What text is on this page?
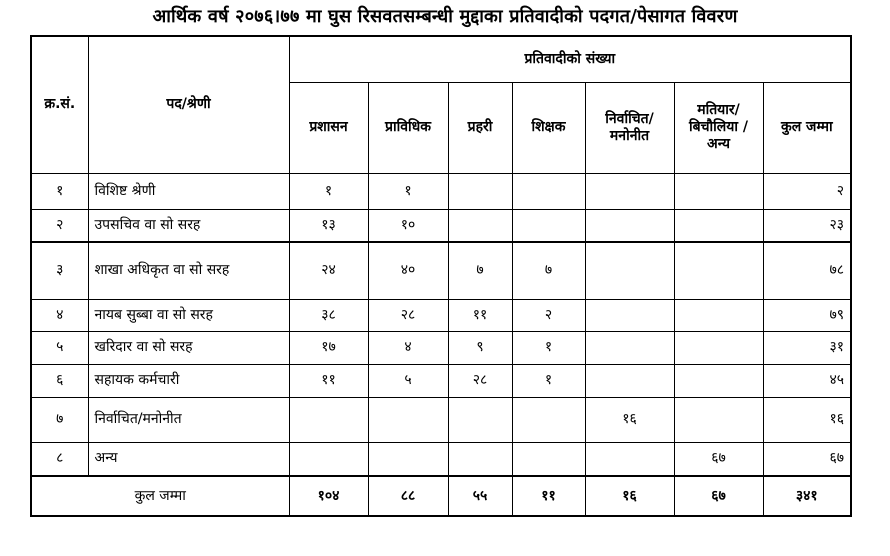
आर्थिक वर्ष २०७६।७७ मा घुस रिसवतसम्बन्धी मुद्दाका प्रतिवादीको पदगत/पेसागत विवरण
क्र.सं.	पद/श्रेणी	प्रतिवादीको संख्या						
		प्रशासन	प्राविधिक	प्रहरी	शिक्षक	निर्वाचित/ मनोनीत	मतियार/ बिचौलिया /अन्य	कुल जम्मा
१	विशिष्ट श्रेणी	१	१					२
२	उपसचिव वा सो सरह	१३	१०					२३
३	शाखा अधिकृत वा सो सरह	२४	४०	७	७			७८
४	नायब सुब्बा वा सो सरह	३८	२८	११	२			७९
५	खरिदार वा सो सरह	१७	४	९	१			३१
६	सहायक कर्मचारी	११	५	२८	१			४५
७	निर्वाचित/मनोनीत					१६		१६
८	अन्य						६७	६७
कुल जम्मा		१०४	८८	५५	११	१६	६७	३४१
